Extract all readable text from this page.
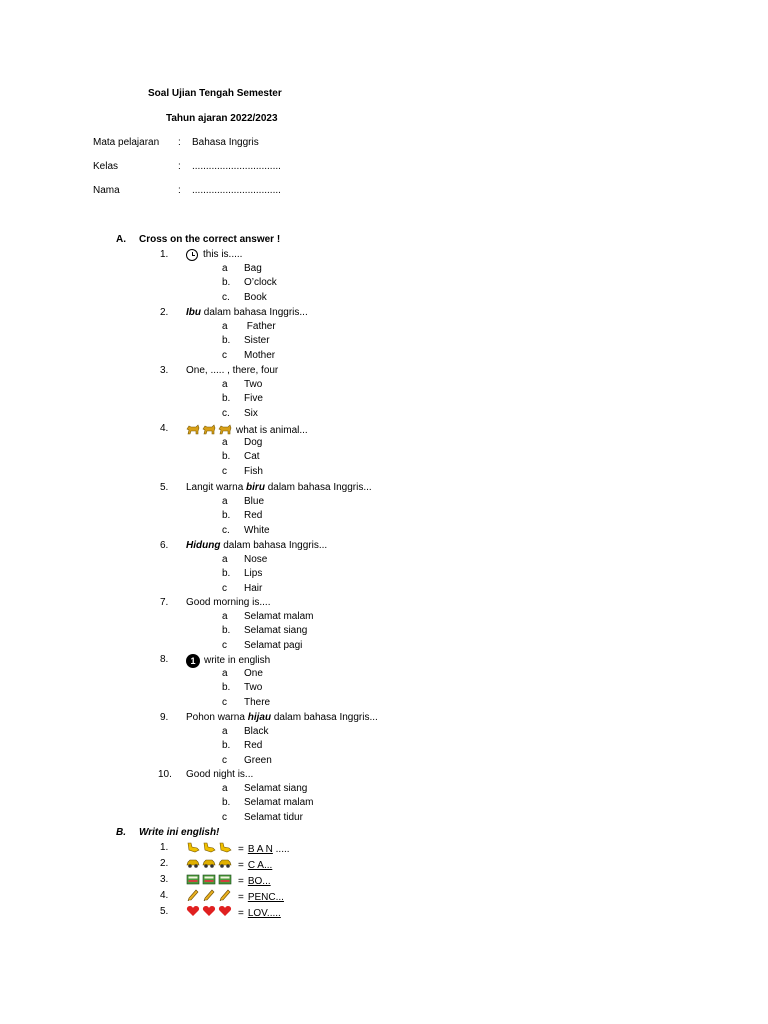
Soal Ujian Tengah Semester
Tahun ajaran 2022/2023
Mata pelajaran : Bahasa Inggris
Kelas	: ................................
Nama	: ................................
A. Cross on the correct answer !
1.	this is.....
a Bag
b. O’clock
c. Book
2. Ibu dalam bahasa Inggris...
a Father
b. Sister
c Mother
3. One, ..... , there, four
a Two
b. Five
c. Six
4.	what is animal...
a Dog
b. Cat
c Fish
5. Langit warna biru dalam bahasa Inggris...
a Blue
b. Red
c. White
6. Hidung dalam bahasa Inggris...
a Nose
b. Lips
c Hair
7. Good morning is....
a Selamat malam
b. Selamat siang
c Selamat pagi
8.	1 write in english
a One
b. Two
c There
9. Pohon warna hijau dalam bahasa Inggris...
a Black
b. Red
c Green
10. Good night is...
a Selamat siang
b. Selamat malam
c Selamat tidur
B. Write ini english!
1.	= B A N .....
2.	= C A...
3.	= BO...
4.	= PENC...
5.	= LOV.....
